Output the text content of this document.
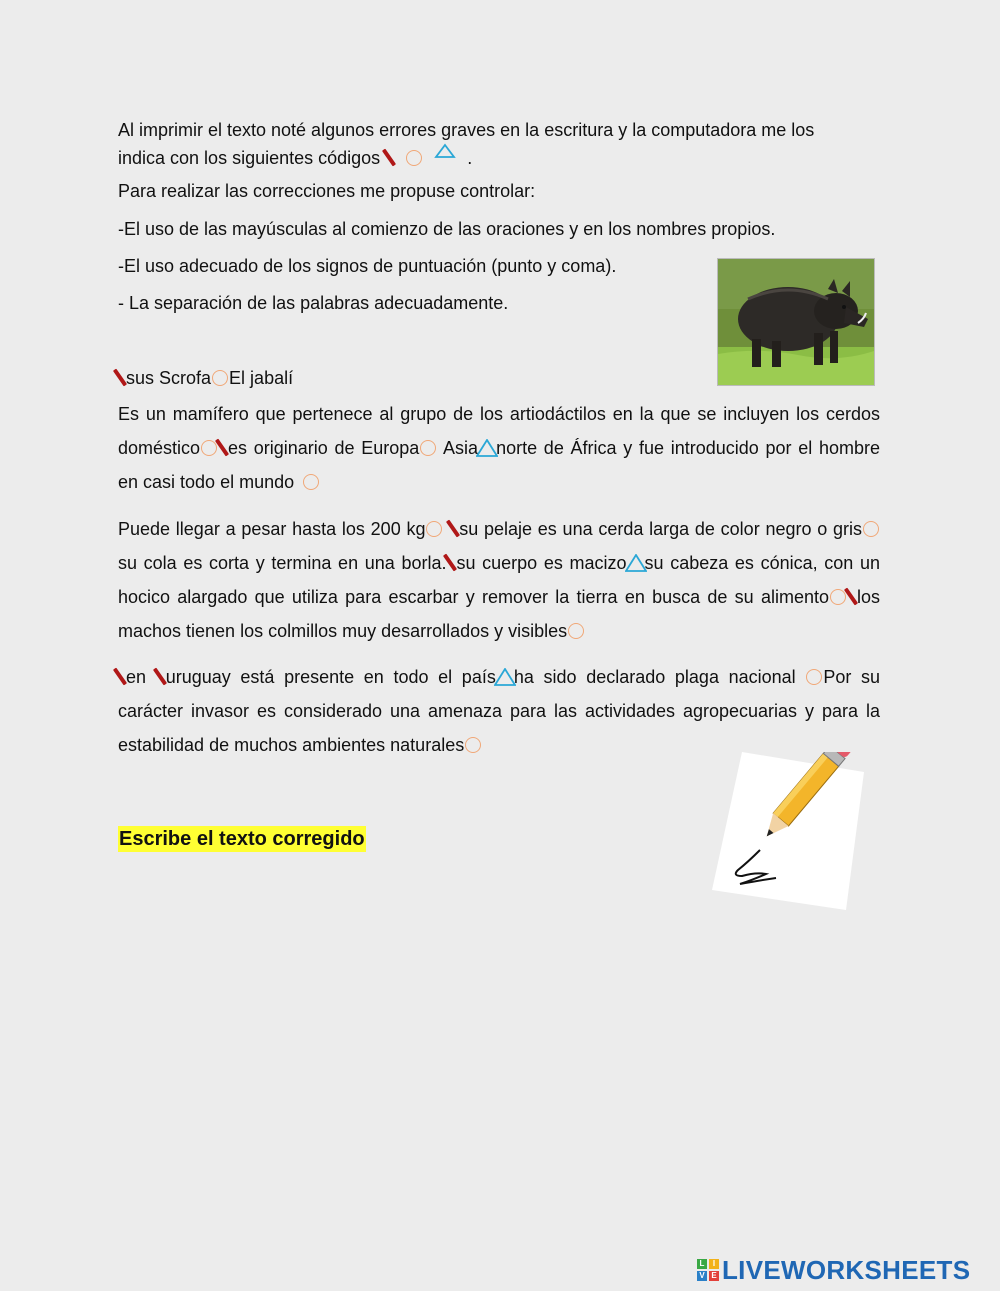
Al imprimir el texto noté algunos errores graves en la escritura y la computadora me los
indica con los siguientes códigos	.
Para realizar las correcciones me propuse controlar:
-El uso de las mayúsculas al comienzo de las oraciones y en los nombres propios.
-El uso adecuado de los signos de puntuación (punto y coma).
- La separación de las palabras adecuadamente.
sus Scrofa El jabalí
Es un mamífero que pertenece al grupo de los artiodáctilos en la que se incluyen los cerdos doméstico es originario de Europa Asia norte de África y fue introducido por el hombre en casi todo el mundo
Puede llegar a pesar hasta los 200 kg su pelaje es una cerda larga de color negro o grissu cola es corta y termina en una borla. su cuerpo es macizo su cabeza es cónica, con un hocico alargado que utiliza para escarbar y remover la tierra en busca de su alimento los machos tienen los colmillos muy desarrollados y visibles
en uruguay está presente en todo el país ha sido declarado plaga nacional Por su carácter invasor es considerado una amenaza para las actividades agropecuarias y para la estabilidad de muchos ambientes naturales
Escribe el texto corregido
L	I
V E LIVEWORKSHEETS
